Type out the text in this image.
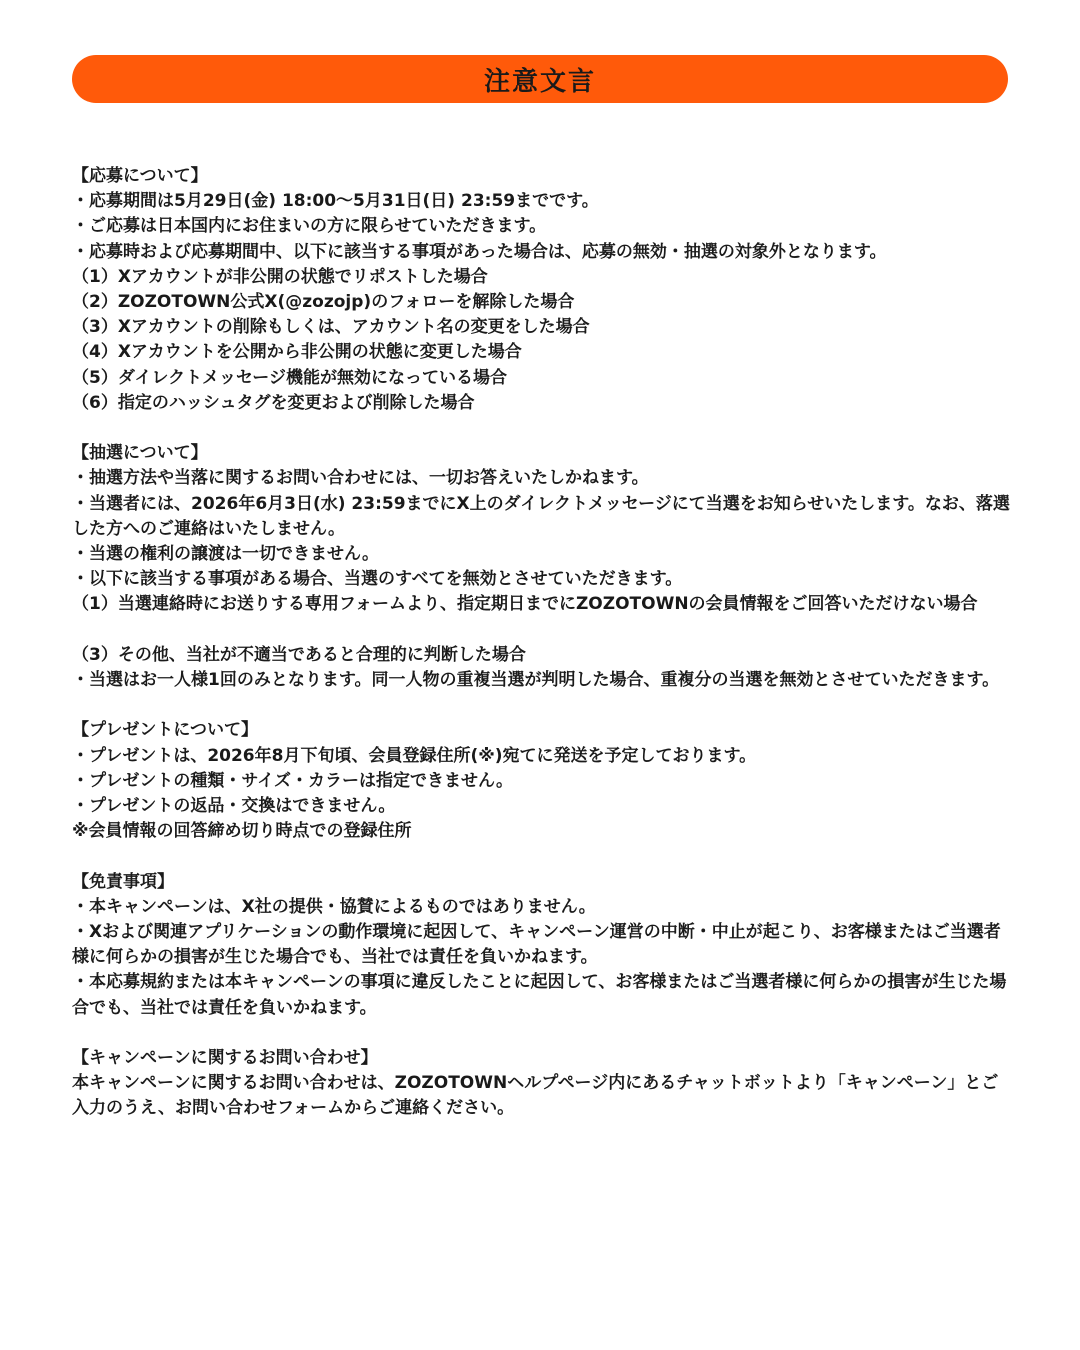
注意文言
【応募について】
・応募期間は5月29日(金) 18:00～5月31日(日) 23:59までです。
・ご応募は日本国内にお住まいの方に限らせていただきます。
・応募時および応募期間中、以下に該当する事項があった場合は、応募の無効・抽選の対象外となります。
（1）Xアカウントが非公開の状態でリポストした場合
（2）ZOZOTOWN公式X(@zozojp)のフォローを解除した場合
（3）Xアカウントの削除もしくは、アカウント名の変更をした場合
（4）Xアカウントを公開から非公開の状態に変更した場合
（5）ダイレクトメッセージ機能が無効になっている場合
（6）指定のハッシュタグを変更および削除した場合
【抽選について】
・抽選方法や当落に関するお問い合わせには、一切お答えいたしかねます。
・当選者には、2026年6月3日(水) 23:59までにX上のダイレクトメッセージにて当選をお知らせいたします。なお、落選した方へのご連絡はいたしません。
・当選の権利の譲渡は一切できません。
・以下に該当する事項がある場合、当選のすべてを無効とさせていただきます。
（1）当選連絡時にお送りする専用フォームより、指定期日までにZOZOTOWNの会員情報をご回答いただけない場合
（3）その他、当社が不適当であると合理的に判断した場合
・当選はお一人様1回のみとなります。同一人物の重複当選が判明した場合、重複分の当選を無効とさせていただきます。
【プレゼントについて】
・プレゼントは、2026年8月下旬頃、会員登録住所(※)宛てに発送を予定しております。
・プレゼントの種類・サイズ・カラーは指定できません。
・プレゼントの返品・交換はできません。
※会員情報の回答締め切り時点での登録住所
【免責事項】
・本キャンペーンは、X社の提供・協賛によるものではありません。
・Xおよび関連アプリケーションの動作環境に起因して、キャンペーン運営の中断・中止が起こり、お客様またはご当選者様に何らかの損害が生じた場合でも、当社では責任を負いかねます。
・本応募規約または本キャンペーンの事項に違反したことに起因して、お客様またはご当選者様に何らかの損害が生じた場合でも、当社では責任を負いかねます。
【キャンペーンに関するお問い合わせ】
本キャンペーンに関するお問い合わせは、ZOZOTOWNヘルプページ内にあるチャットボットより「キャンペーン」とご入力のうえ、お問い合わせフォームからご連絡ください。
